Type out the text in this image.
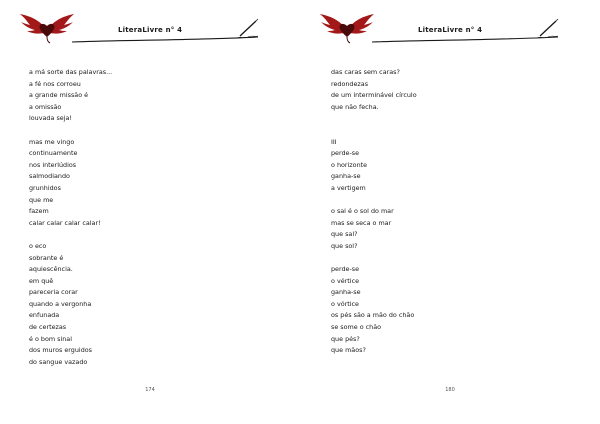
LiteraLivre n° 4
a má sorte das palavras...
a fé nos corroeu
a grande missão é
a omissão
louvada seja!
mas me vingo
continuamente
nos interlúdios
salmodiando
grunhidos
que me
fazem
calar calar calar calar!
o eco
sobrante é
aquiescência.
em quê
pareceria corar
quando a vergonha
enfunada
de certezas
é o bom sinal
dos muros erguidos
do sangue vazado
174
LiteraLivre n° 4
das caras sem caras?
redondezas
de um interminável círculo
que não fecha.
III
perde-se
o horizonte
ganha-se
a vertigem
o sal é o sol do mar
mas se seca o mar
que sal?
que sol?
perde-se
o vértice
ganha-se
o vórtice
os pés são a mão do chão
se some o chão
que pés?
que mãos?
180
